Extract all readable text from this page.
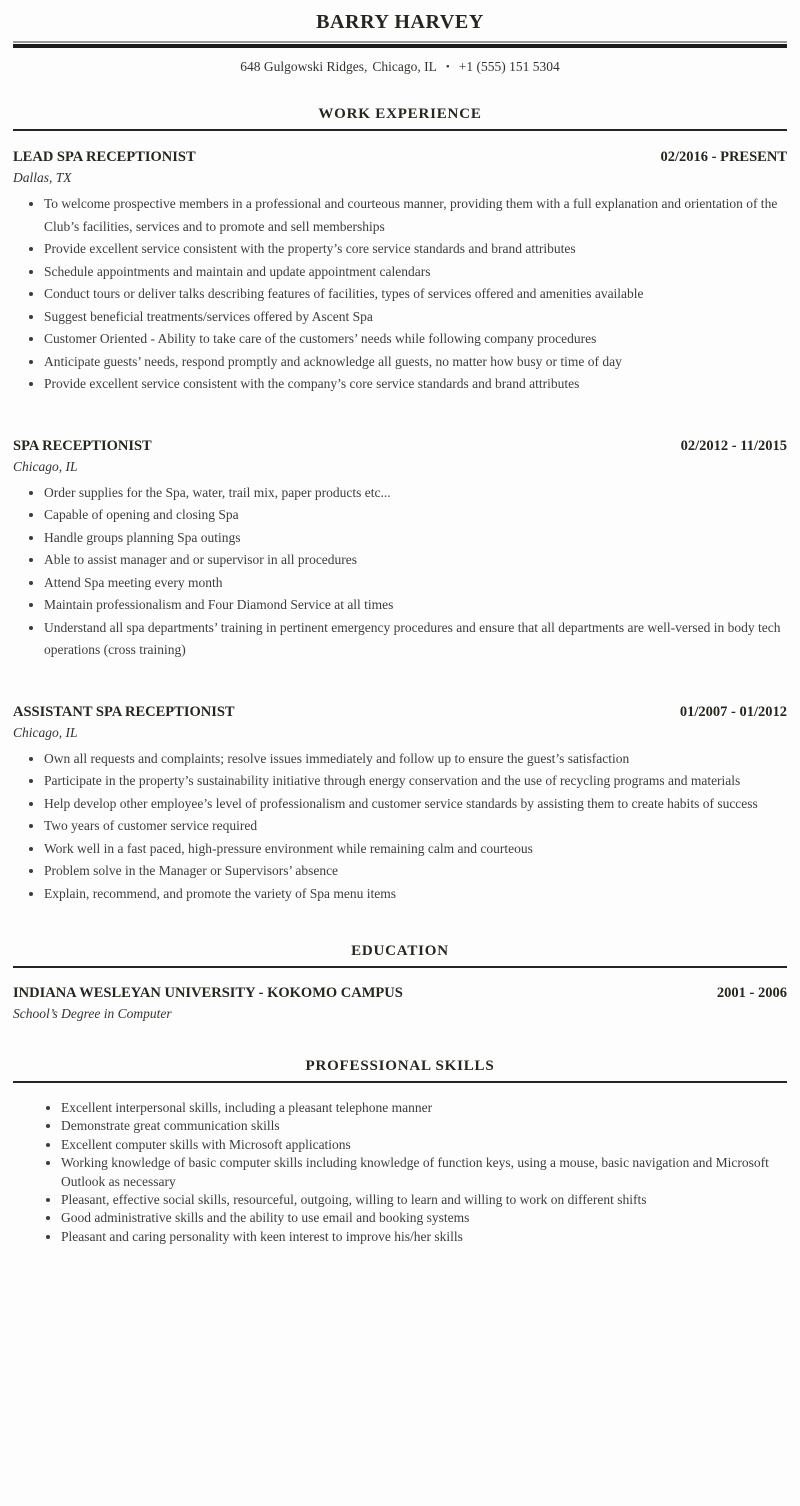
BARRY HARVEY
648 Gulgowski Ridges, Chicago, IL • +1 (555) 151 5304
WORK EXPERIENCE
LEAD SPA RECEPTIONIST	02/2016 - PRESENT
Dallas, TX
• To welcome prospective members in a professional and courteous manner, providing them with a full explanation and orientation of the Club’s facilities, services and to promote and sell memberships
• Provide excellent service consistent with the property’s core service standards and brand attributes
• Schedule appointments and maintain and update appointment calendars
• Conduct tours or deliver talks describing features of facilities, types of services offered and amenities available
• Suggest beneficial treatments/services offered by Ascent Spa
• Customer Oriented - Ability to take care of the customers’ needs while following company procedures
• Anticipate guests’ needs, respond promptly and acknowledge all guests, no matter how busy or time of day
• Provide excellent service consistent with the company’s core service standards and brand attributes
SPA RECEPTIONIST	02/2012 - 11/2015
Chicago, IL
• Order supplies for the Spa, water, trail mix, paper products etc...
• Capable of opening and closing Spa
• Handle groups planning Spa outings
• Able to assist manager and or supervisor in all procedures
• Attend Spa meeting every month
• Maintain professionalism and Four Diamond Service at all times
• Understand all spa departments’ training in pertinent emergency procedures and ensure that all departments are well-versed in body tech operations (cross training)
ASSISTANT SPA RECEPTIONIST	01/2007 - 01/2012
Chicago, IL
• Own all requests and complaints; resolve issues immediately and follow up to ensure the guest’s satisfaction
• Participate in the property’s sustainability initiative through energy conservation and the use of recycling programs and materials
• Help develop other employee’s level of professionalism and customer service standards by assisting them to create habits of success
• Two years of customer service required
• Work well in a fast paced, high-pressure environment while remaining calm and courteous
• Problem solve in the Manager or Supervisors’ absence
• Explain, recommend, and promote the variety of Spa menu items
EDUCATION
INDIANA WESLEYAN UNIVERSITY - KOKOMO CAMPUS	2001 - 2006
School’s Degree in Computer
PROFESSIONAL SKILLS
• Excellent interpersonal skills, including a pleasant telephone manner
• Demonstrate great communication skills
• Excellent computer skills with Microsoft applications
• Working knowledge of basic computer skills including knowledge of function keys, using a mouse, basic navigation and Microsoft Outlook as necessary
• Pleasant, effective social skills, resourceful, outgoing, willing to learn and willing to work on different shifts
• Good administrative skills and the ability to use email and booking systems
• Pleasant and caring personality with keen interest to improve his/her skills
